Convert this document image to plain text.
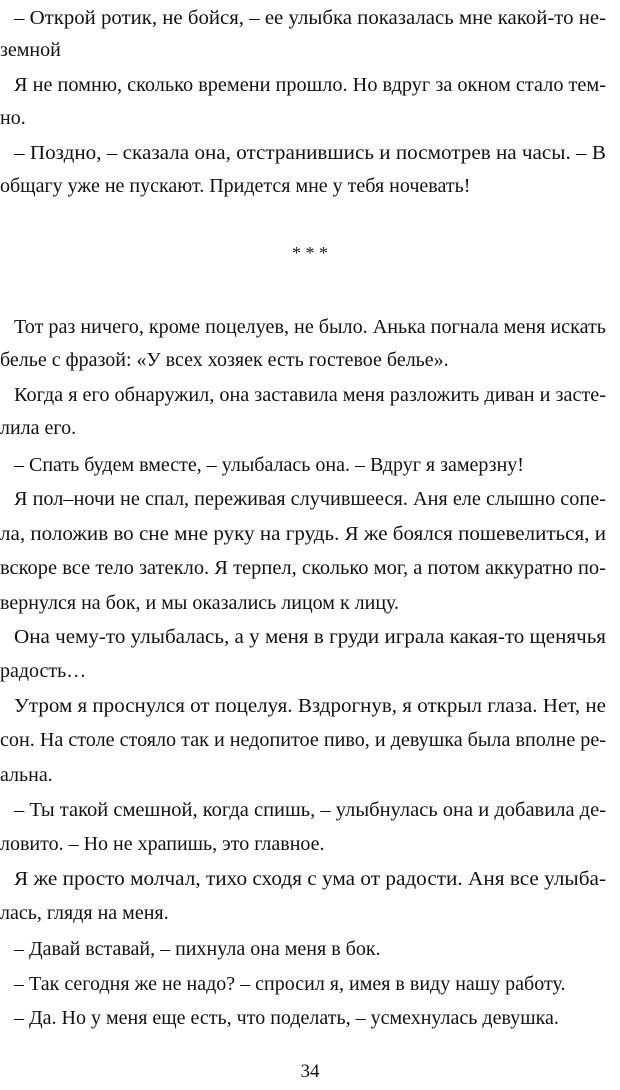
– Открой ротик, не бойся, – ее улыбка показалась мне какой-то не-
земной
Я не помню, сколько времени прошло. Но вдруг за окном стало тем-
но.
– Поздно, – сказала она, отстранившись и посмотрев на часы. – В
общагу уже не пускают. Придется мне у тебя ночевать!
Тот раз ничего, кроме поцелуев, не было. Анька погнала меня искать
белье с фразой: «У всех хозяек есть гостевое белье».
Когда я его обнаружил, она заставила меня разложить диван и засте-
лила его.
– Спать будем вместе, – улыбалась она. – Вдруг я замерзну!
Я пол–ночи не спал, переживая случившееся. Аня еле слышно сопе-
ла, положив во сне мне руку на грудь. Я же боялся пошевелиться, и
вскоре все тело затекло. Я терпел, сколько мог, а потом аккуратно по-
вернулся на бок, и мы оказались лицом к лицу.
Она чему-то улыбалась, а у меня в груди играла какая-то щенячья
радость…
Утром я проснулся от поцелуя. Вздрогнув, я открыл глаза. Нет, не
сон. На столе стояло так и недопитое пиво, и девушка была вполне ре-
альна.
– Ты такой смешной, когда спишь, – улыбнулась она и добавила де-
ловито. – Но не храпишь, это главное.
Я же просто молчал, тихо сходя с ума от радости. Аня все улыба-
лась, глядя на меня.
– Давай вставай, – пихнула она меня в бок.
– Так сегодня же не надо? – спросил я, имея в виду нашу работу.
– Да. Но у меня еще есть, что поделать, – усмехнулась девушка.
* * *
34
